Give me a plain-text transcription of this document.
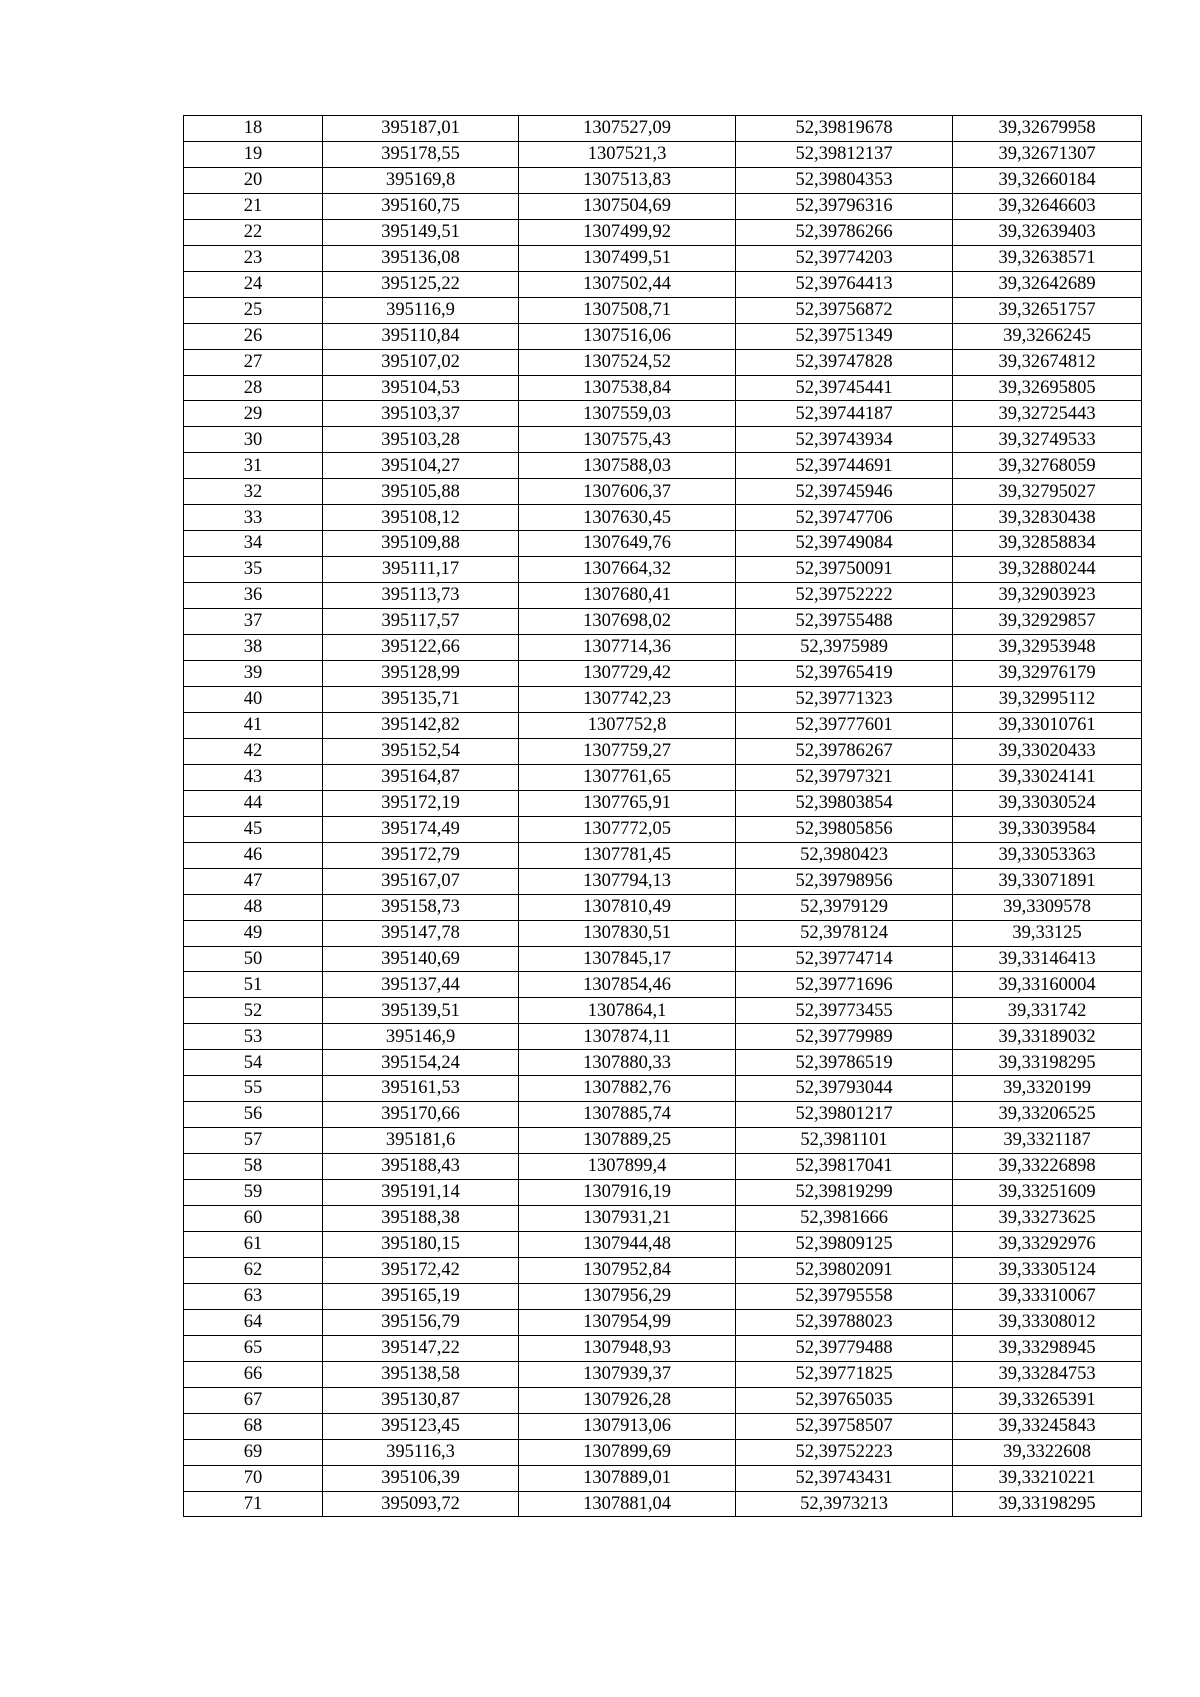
18	395187,01	1307527,09	52,39819678	39,32679958
19	395178,55	1307521,3	52,39812137	39,32671307
20	395169,8	1307513,83	52,39804353	39,32660184
21	395160,75	1307504,69	52,39796316	39,32646603
22	395149,51	1307499,92	52,39786266	39,32639403
23	395136,08	1307499,51	52,39774203	39,32638571
24	395125,22	1307502,44	52,39764413	39,32642689
25	395116,9	1307508,71	52,39756872	39,32651757
26	395110,84	1307516,06	52,39751349	39,3266245
27	395107,02	1307524,52	52,39747828	39,32674812
28	395104,53	1307538,84	52,39745441	39,32695805
29	395103,37	1307559,03	52,39744187	39,32725443
30	395103,28	1307575,43	52,39743934	39,32749533
31	395104,27	1307588,03	52,39744691	39,32768059
32	395105,88	1307606,37	52,39745946	39,32795027
33	395108,12	1307630,45	52,39747706	39,32830438
34	395109,88	1307649,76	52,39749084	39,32858834
35	395111,17	1307664,32	52,39750091	39,32880244
36	395113,73	1307680,41	52,39752222	39,32903923
37	395117,57	1307698,02	52,39755488	39,32929857
38	395122,66	1307714,36	52,3975989	39,32953948
39	395128,99	1307729,42	52,39765419	39,32976179
40	395135,71	1307742,23	52,39771323	39,32995112
41	395142,82	1307752,8	52,39777601	39,33010761
42	395152,54	1307759,27	52,39786267	39,33020433
43	395164,87	1307761,65	52,39797321	39,33024141
44	395172,19	1307765,91	52,39803854	39,33030524
45	395174,49	1307772,05	52,39805856	39,33039584
46	395172,79	1307781,45	52,3980423	39,33053363
47	395167,07	1307794,13	52,39798956	39,33071891
48	395158,73	1307810,49	52,3979129	39,3309578
49	395147,78	1307830,51	52,3978124	39,33125
50	395140,69	1307845,17	52,39774714	39,33146413
51	395137,44	1307854,46	52,39771696	39,33160004
52	395139,51	1307864,1	52,39773455	39,331742
53	395146,9	1307874,11	52,39779989	39,33189032
54	395154,24	1307880,33	52,39786519	39,33198295
55	395161,53	1307882,76	52,39793044	39,3320199
56	395170,66	1307885,74	52,39801217	39,33206525
57	395181,6	1307889,25	52,3981101	39,3321187
58	395188,43	1307899,4	52,39817041	39,33226898
59	395191,14	1307916,19	52,39819299	39,33251609
60	395188,38	1307931,21	52,3981666	39,33273625
61	395180,15	1307944,48	52,39809125	39,33292976
62	395172,42	1307952,84	52,39802091	39,33305124
63	395165,19	1307956,29	52,39795558	39,33310067
64	395156,79	1307954,99	52,39788023	39,33308012
65	395147,22	1307948,93	52,39779488	39,33298945
66	395138,58	1307939,37	52,39771825	39,33284753
67	395130,87	1307926,28	52,39765035	39,33265391
68	395123,45	1307913,06	52,39758507	39,33245843
69	395116,3	1307899,69	52,39752223	39,3322608
70	395106,39	1307889,01	52,39743431	39,33210221
71	395093,72	1307881,04	52,3973213	39,33198295
